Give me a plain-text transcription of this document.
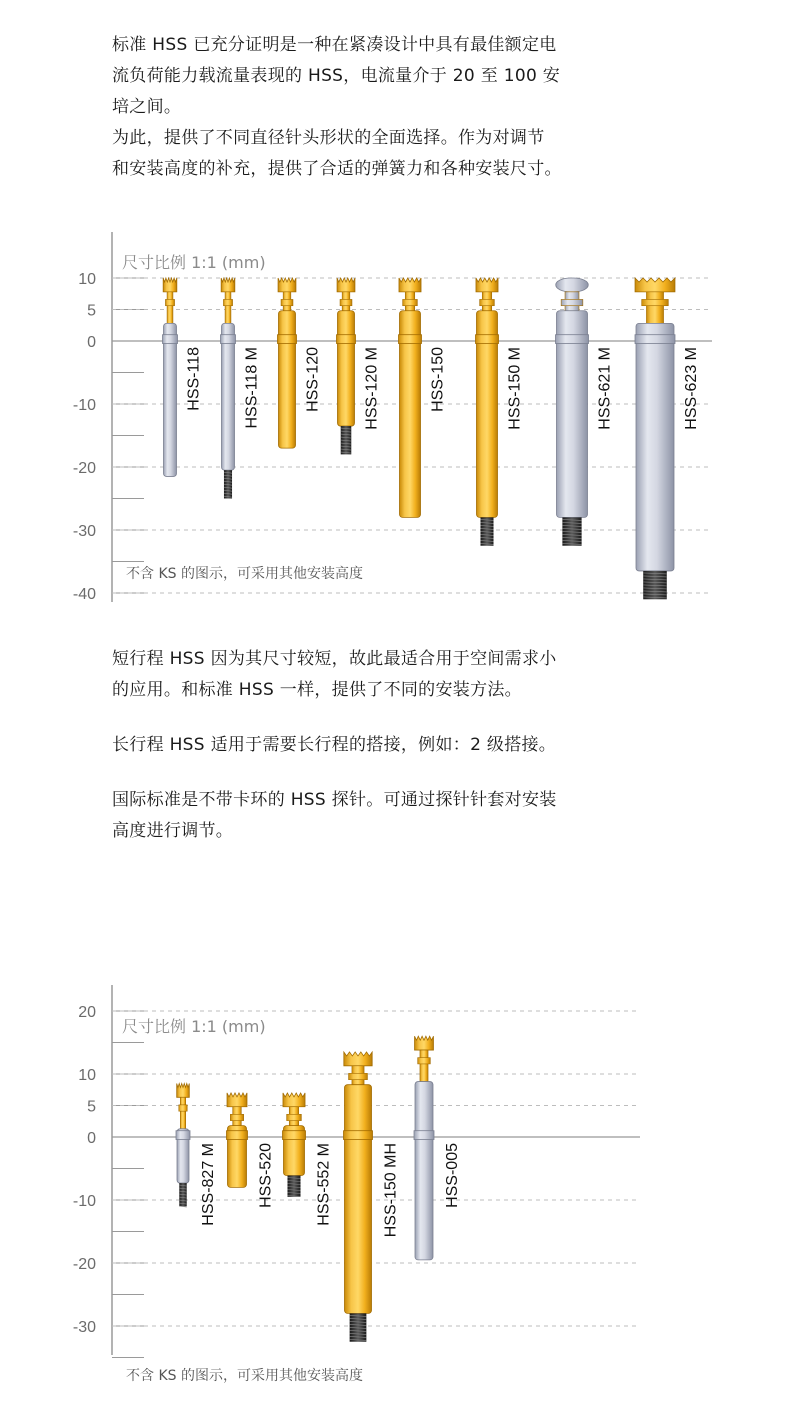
标准 HSS 已充分证明是一种在紧凑设计中具有最佳额定电
流负荷能力载流量表现的 HSS，电流量介于 20 至 100 安
培之间。
为此，提供了不同直径针头形状的全面选择。作为对调节
和安装高度的补充，提供了合适的弹簧力和各种安装尺寸。
10
5
0
-10
-20
-30
-40
尺寸比例 1:1 (mm)
不含 KS 的图示，可采用其他安装高度
HSS-118	HSS-118 M	HSS-120	HSS-120 M	HSS-150	HSS-150 M	HSS-621 M	HSS-623 M
短行程 HSS 因为其尺寸较短，故此最适合用于空间需求小
的应用。和标准 HSS 一样，提供了不同的安装方法。
长行程 HSS 适用于需要长行程的搭接，例如：2 级搭接。
国际标准是不带卡环的 HSS 探针。可通过探针针套对安装
高度进行调节。
20
10
5
0
-10
-20
-30
尺寸比例 1:1 (mm)
不含 KS 的图示，可采用其他安装高度
HSS-827 M	HSS-520	HSS-552 M	HSS-150 MH	HSS-005
